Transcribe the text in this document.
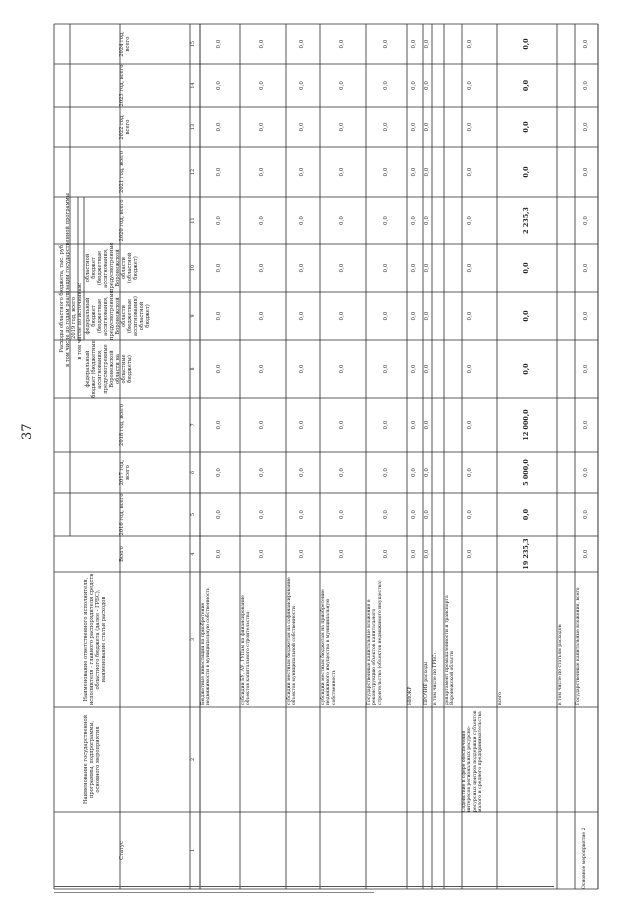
37
Статус
Наименование государственной программы, подпрограммы, основного мероприятия
Наименование ответственного исполнителя, исполнителя - главного распорядителя средств областного бюджета (далее - ГРБС), наименование статьи расходов
Расходы областного бюджета, тыс. руб. в том числе по годам реализации государственной программы
Всего
2016 год, всего
2017 год, всего
2018 год, всего
2019 год, всего в том числе по источникам:
федеральный бюджет (бюджетные ассигнования, предусмотренные Воронежской области на областные бюджеты)
федеральный бюджет (бюджетные ассигнования, предусмотренные Воронежской области (бюджетные ассигнования) областной бюджет)
областной бюджет (бюджетные ассигнования, предусмотренные Воронежской области (областной бюджет)
2020 год, всего
2021 год, всего
2022 год, всего
2023 год, всего
2024 год, всего
1
2
3
4
5
6
7
8
9
10
11
12
13
14
15
Бюджетные инвестиции на приобретение недвижимости в муниципальную собственность
0,0
0,0
0,0
0,0
0,0
0,0
0,0
0,0
0,0
0,0
0,0
0,0
субсидии БУ, АУ, ГУПам на финансирование объектов капитального строительства
0,0
0,0
0,0
0,0
0,0
0,0
0,0
0,0
0,0
0,0
0,0
0,0
субсидии местным бюджетам на софинансирование объектов муниципальной собственности
0,0
0,0
0,0
0,0
0,0
0,0
0,0
0,0
0,0
0,0
0,0
0,0
субсидии местным бюджетам на приобретение недвижимого имущества в муниципальную собственность
0,0
0,0
0,0
0,0
0,0
0,0
0,0
0,0
0,0
0,0
0,0
0,0
Государственные капитальные вложения в реконструкцию объектов капитального строительства (объектов недвижимого имущества)
0,0
0,0
0,0
0,0
0,0
0,0
0,0
0,0
0,0
0,0
0,0
0,0
НИОКР
0,0
0,0
0,0
0,0
0,0
0,0
0,0
0,0
0,0
0,0
0,0
0,0
ПРОЧИЕ расходы
0,0
0,0
0,0
0,0
0,0
0,0
0,0
0,0
0,0
0,0
0,0
0,0
в том числе по ГРБС:
Основное мероприятие 2
Содействие в сфере обеспечения интересов региональных ресурсно-ресурсных центров поддержки субъектов малого и среднего предпринимательства
департамент промышленности и транспорта Воронежской области
0,0
0,0
0,0
0,0
0,0
0,0
0,0
0,0
0,0
0,0
0,0
0,0
всего
19 235,3
0,0
5 000,0
12 000,0
0,0
0,0
0,0
2 235,3
0,0
0,0
0,0
0,0
в том числе по статьям расходов:	Государственные капитальные вложения, всего
0,0
0,0
0,0
0,0
0,0
0,0
0,0
0,0
0,0
0,0
0,0
0,0
